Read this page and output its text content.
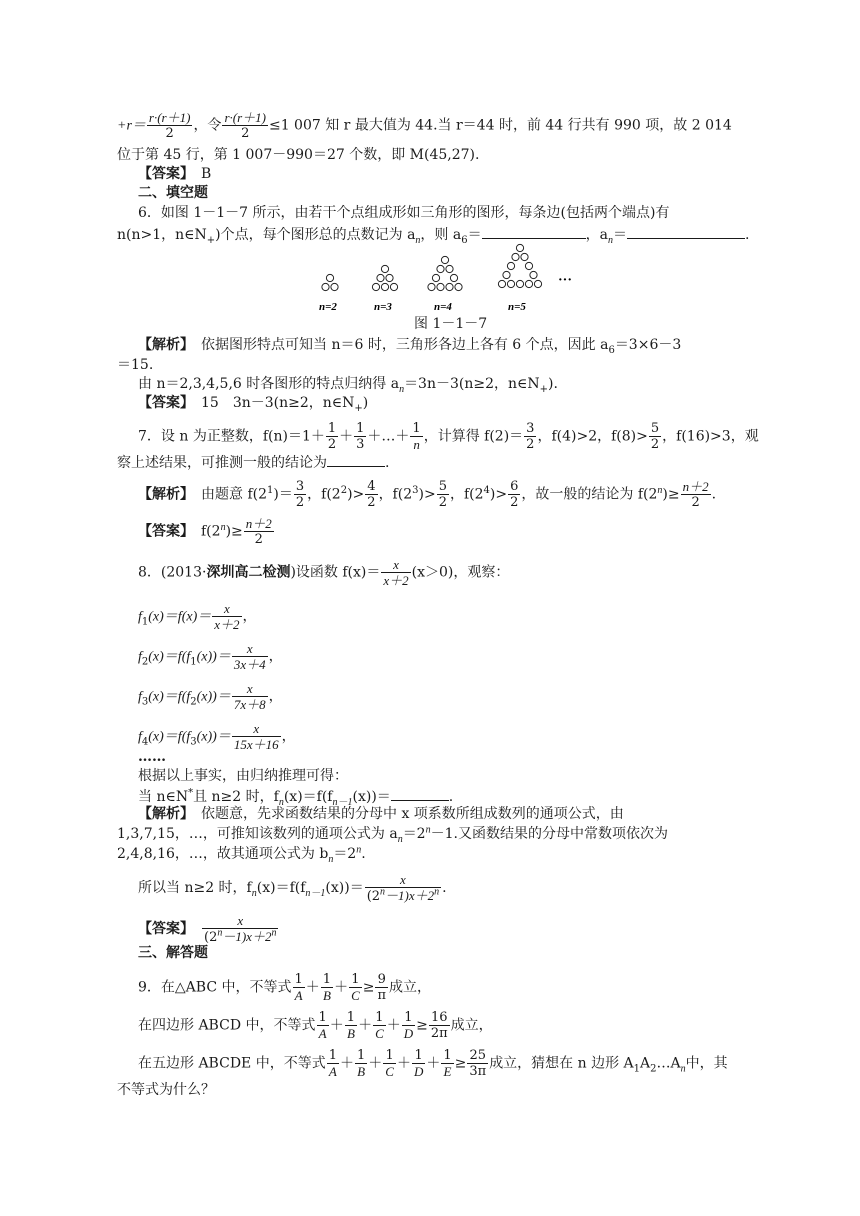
$+r= \frac{r\cdot(r+1)}{2}$ ，令 $\frac{r\cdot(r+1)}{2} \le 1$ 007 知 r 最大值为 44.当 r＝44 时，前 44 行共有 990 项，故 2 014
位于第 45 行，第 1 007－990＝27 个数，即 M(45,27).
【答案】　 B
二、填空题
6．如图 1－1－7 所示，由若干个点组成形如三角形的图形，每条边(包括两个端点)有
n(n>1，$n\in N_+$)个点，每个图形总的点数记为 $a_n$，则 $a_6=$	，$a_n=$	.
···
n=2	n=3	n=4	n=5
图 1－1－7
【解析】　 依据图形特点可知当 n＝6 时，三角形各边上各有 6 个点，因此 $a_6=3\times 6-3$
＝15.
由 n＝2,3,4,5,6 时各图形的特点归纳得 $a_n=3n-3(n\ge 2$，$n\in N_+$).
【答案】　 15　3n－3(n≥2，$n\in N_+$)
7．设 n 为正整数，$f(n)=1+ \frac{1}{2} + \frac{1}{3}$ ＋…＋ $\frac{1}{n}$ ，计算得 $f(2)= \frac{3}{2}$ ，f(4)>2，$f(8)> \frac{5}{2}$ ，f(16)>3，观
察上述结果，可推测一般的结论为	.
【解析】　 由题意 $f(2^1)= \frac{3}{2}$ ，$f(2^2)> \frac{4}{2}$ ，$f(2^3)> \frac{5}{2}$ ，$f(2^4)> \frac{6}{2}$ ，故一般的结论为 $f(2^n)\ge \frac{n+2}{2}$ .
【答案】　 $f(2^n)\ge \frac{n+2}{2}$
8．(2013·深圳高二检测)设函数 $f(x)= \frac{x}{x+2} (x>0)$，观察：
$f_1(x)=f(x)= \frac{x}{x+2}$ ，
$f_2(x)=f(f_1(x))= \frac{x}{3x+4}$ ，
$f_3(x)=f(f_2(x))= \frac{x}{7x+8}$ ，
$f_4(x)=f(f_3(x))= \frac{x}{15x+16}$ ，
……
根据以上事实，由归纳推理可得：
当 n∈N*且 n≥2 时，$f_n(x)=f(f_{n-1}(x))=$	.
【解析】　 依题意，先求函数结果的分母中 x 项系数所组成数列的通项公式，由
1,3,7,15，…，可推知该数列的通项公式为 $a_n=2^n-1$.又函数结果的分母中常数项依次为
2,4,8,16，…，故其通项公式为 $b_n=2^n$.
所以当 n≥2 时，$f_n(x)=f(f_{n-1}(x))= \frac{x}{(2^n-1)x+2^n}$ .
【答案】　 $\frac{x}{(2^n-1)x+2^n}$
三、解答题
9．在△ABC 中，不等式 $\frac{1}{A} + \frac{1}{B} + \frac{1}{C} \ge \frac{9}{\pi}$ 成立，
在四边形 ABCD 中，不等式 $\frac{1}{A} + \frac{1}{B} + \frac{1}{C} + \frac{1}{D} \ge \frac{16}{2\pi}$ 成立，
在五边形 ABCDE 中，不等式 $\frac{1}{A} + \frac{1}{B} + \frac{1}{C} + \frac{1}{D} + \frac{1}{E} \ge \frac{25}{3\pi}$ 成立，猜想在 n 边形 $A_1A_2\dots A_n$中，其
不等式为什么？
